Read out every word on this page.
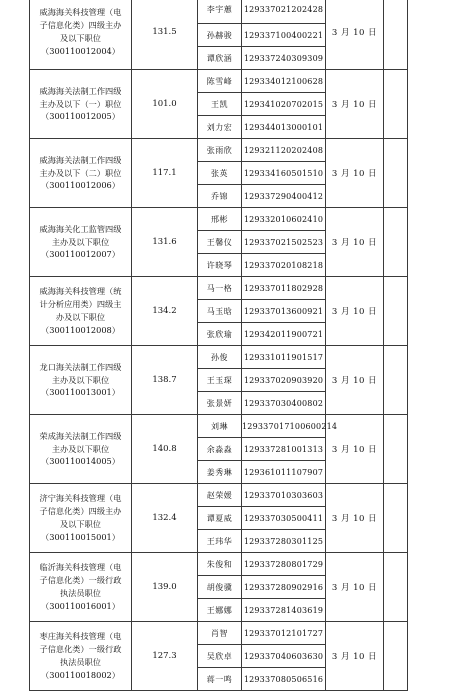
威海海关科技管理（电
子信息化类）四级主办
及以下职位
（300110012004）	131.5	李宇蕙	129337021202428	3 月 10 日	
		孙赫骏	129337100400221		
		谭欣涵	129337240309309		

威海海关法制工作四级
主办及以下（一）职位
（300110012005）	101.0	陈雪峰	129334012100628	3 月 10 日	
		王凯	129341020702015		
		刘力宏	129344013000101		

威海海关法制工作四级
主办及以下（二）职位
（300110012006）	117.1	张雨欣	129321120202408	3 月 10 日	
		张英	129334160501510		
		乔锦	129337290400412		

威海海关化工监管四级
主办及以下职位
（300110012007）	131.6	邢彬	129332010602410	3 月 10 日	
		王馨仪	129337021502523		
		许晓琴	129337020108218		

威海海关科技管理（统
计分析应用类）四级主
办及以下职位
（300110012008）	134.2	马一格	129337011802928	3 月 10 日	
		马玉晗	129337013600921		
		张欣瑜	129342011900721		

龙口海关法制工作四级
主办及以下职位
（300110013001）	138.7	孙俊	129331011901517	3 月 10 日	
		王玉琛	129337020903920		
		张景妍	129337030400802		

荣成海关法制工作四级
主办及以下职位
（300110014005）	140.8	刘琳	129337017100600214	3 月 10 日	
		余淼淼	129337281001313		
		姜秀琳	129361011107907		

济宁海关科技管理（电
子信息化类）四级主办
及以下职位
（300110015001）	132.4	赵荣媛	129337010303603	3 月 10 日	
		谭夏威	129337030500411		
		王玮华	129337280301125		

临沂海关科技管理（电
子信息化类）一级行政
执法员职位
（300110016001）	139.0	朱俊和	129337280801729	3 月 10 日	
		胡俊骥	129337280902916		
		王娜娜	129337281403619		

枣庄海关科技管理（电
子信息化类）一级行政
执法员职位
（300110018002）	127.3	肖智	129337012101727	3 月 10 日	
		吴欣卓	129337040603630		
		蒋一鸣	129337080506516		
